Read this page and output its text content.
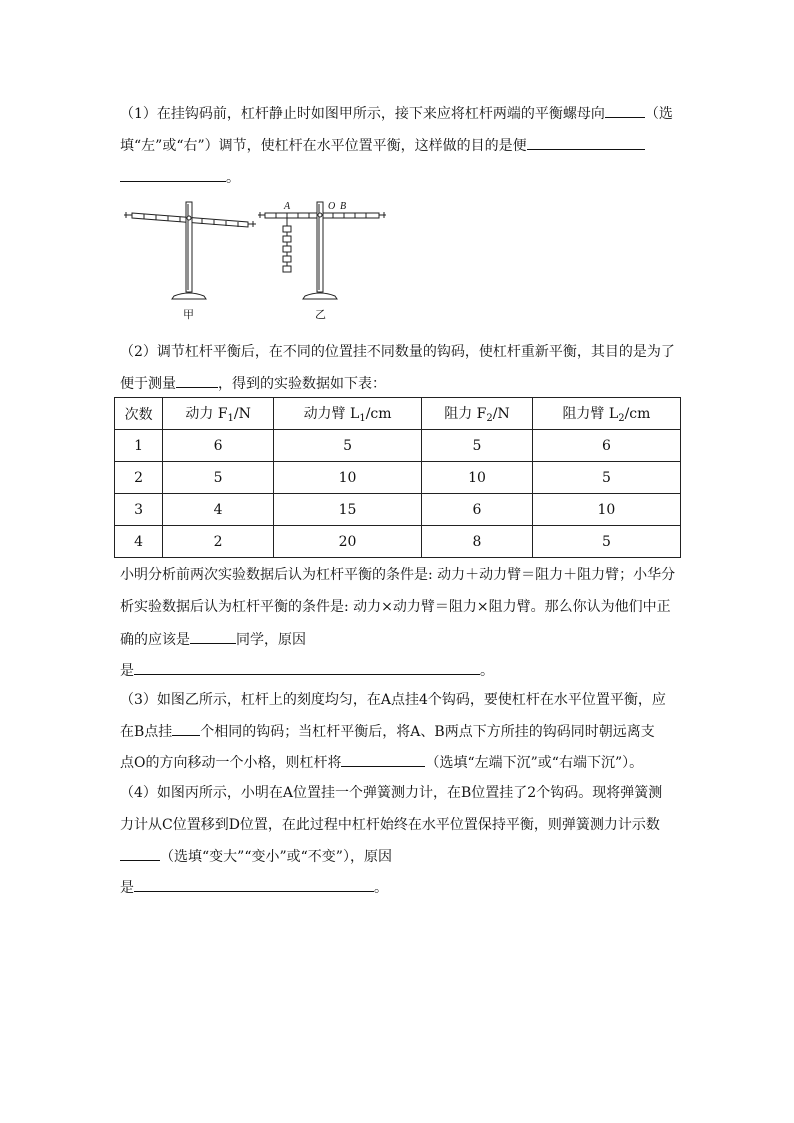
（1）在挂钩码前，杠杆静止时如图甲所示，接下来应将杠杆两端的平衡螺母向	（选
填“左”或“右”）调节，使杠杆在水平位置平衡，这样做的目的是便
。
A	O B
甲	乙
（2）调节杠杆平衡后，在不同的位置挂不同数量的钩码，使杠杆重新平衡，其目的是为了
便于测量	，得到的实验数据如下表：
次数	动力 $F_1/N$	动力臂 $L_1/cm$	阻力 $F_2/N$	阻力臂 $L_2/cm$
1	6	5	5	6
2	5	10	10	5
3	4	15	6	10
4	2	20	8	5
小明分析前两次实验数据后认为杠杆平衡的条件是: 动力＋动力臂＝阻力＋阻力臂；小华分
析实验数据后认为杠杆平衡的条件是: 动力×动力臂＝阻力×阻力臂。那么你认为他们中正
确的应该是	同学，原因
是	。
（3）如图乙所示，杠杆上的刻度均匀，在A点挂4个钩码，要使杠杆在水平位置平衡，应
在B点挂 个相同的钩码；当杠杆平衡后，将A、B两点下方所挂的钩码同时朝远离支
点O的方向移动一个小格，则杠杆将	（选填“左端下沉”或“右端下沉”）。
（4）如图丙所示，小明在A位置挂一个弹簧测力计，在B位置挂了2个钩码。现将弹簧测
力计从C位置移到D位置，在此过程中杠杆始终在水平位置保持平衡，则弹簧测力计示数
（选填“变大”“变小”或“不变”），原因
是	。
